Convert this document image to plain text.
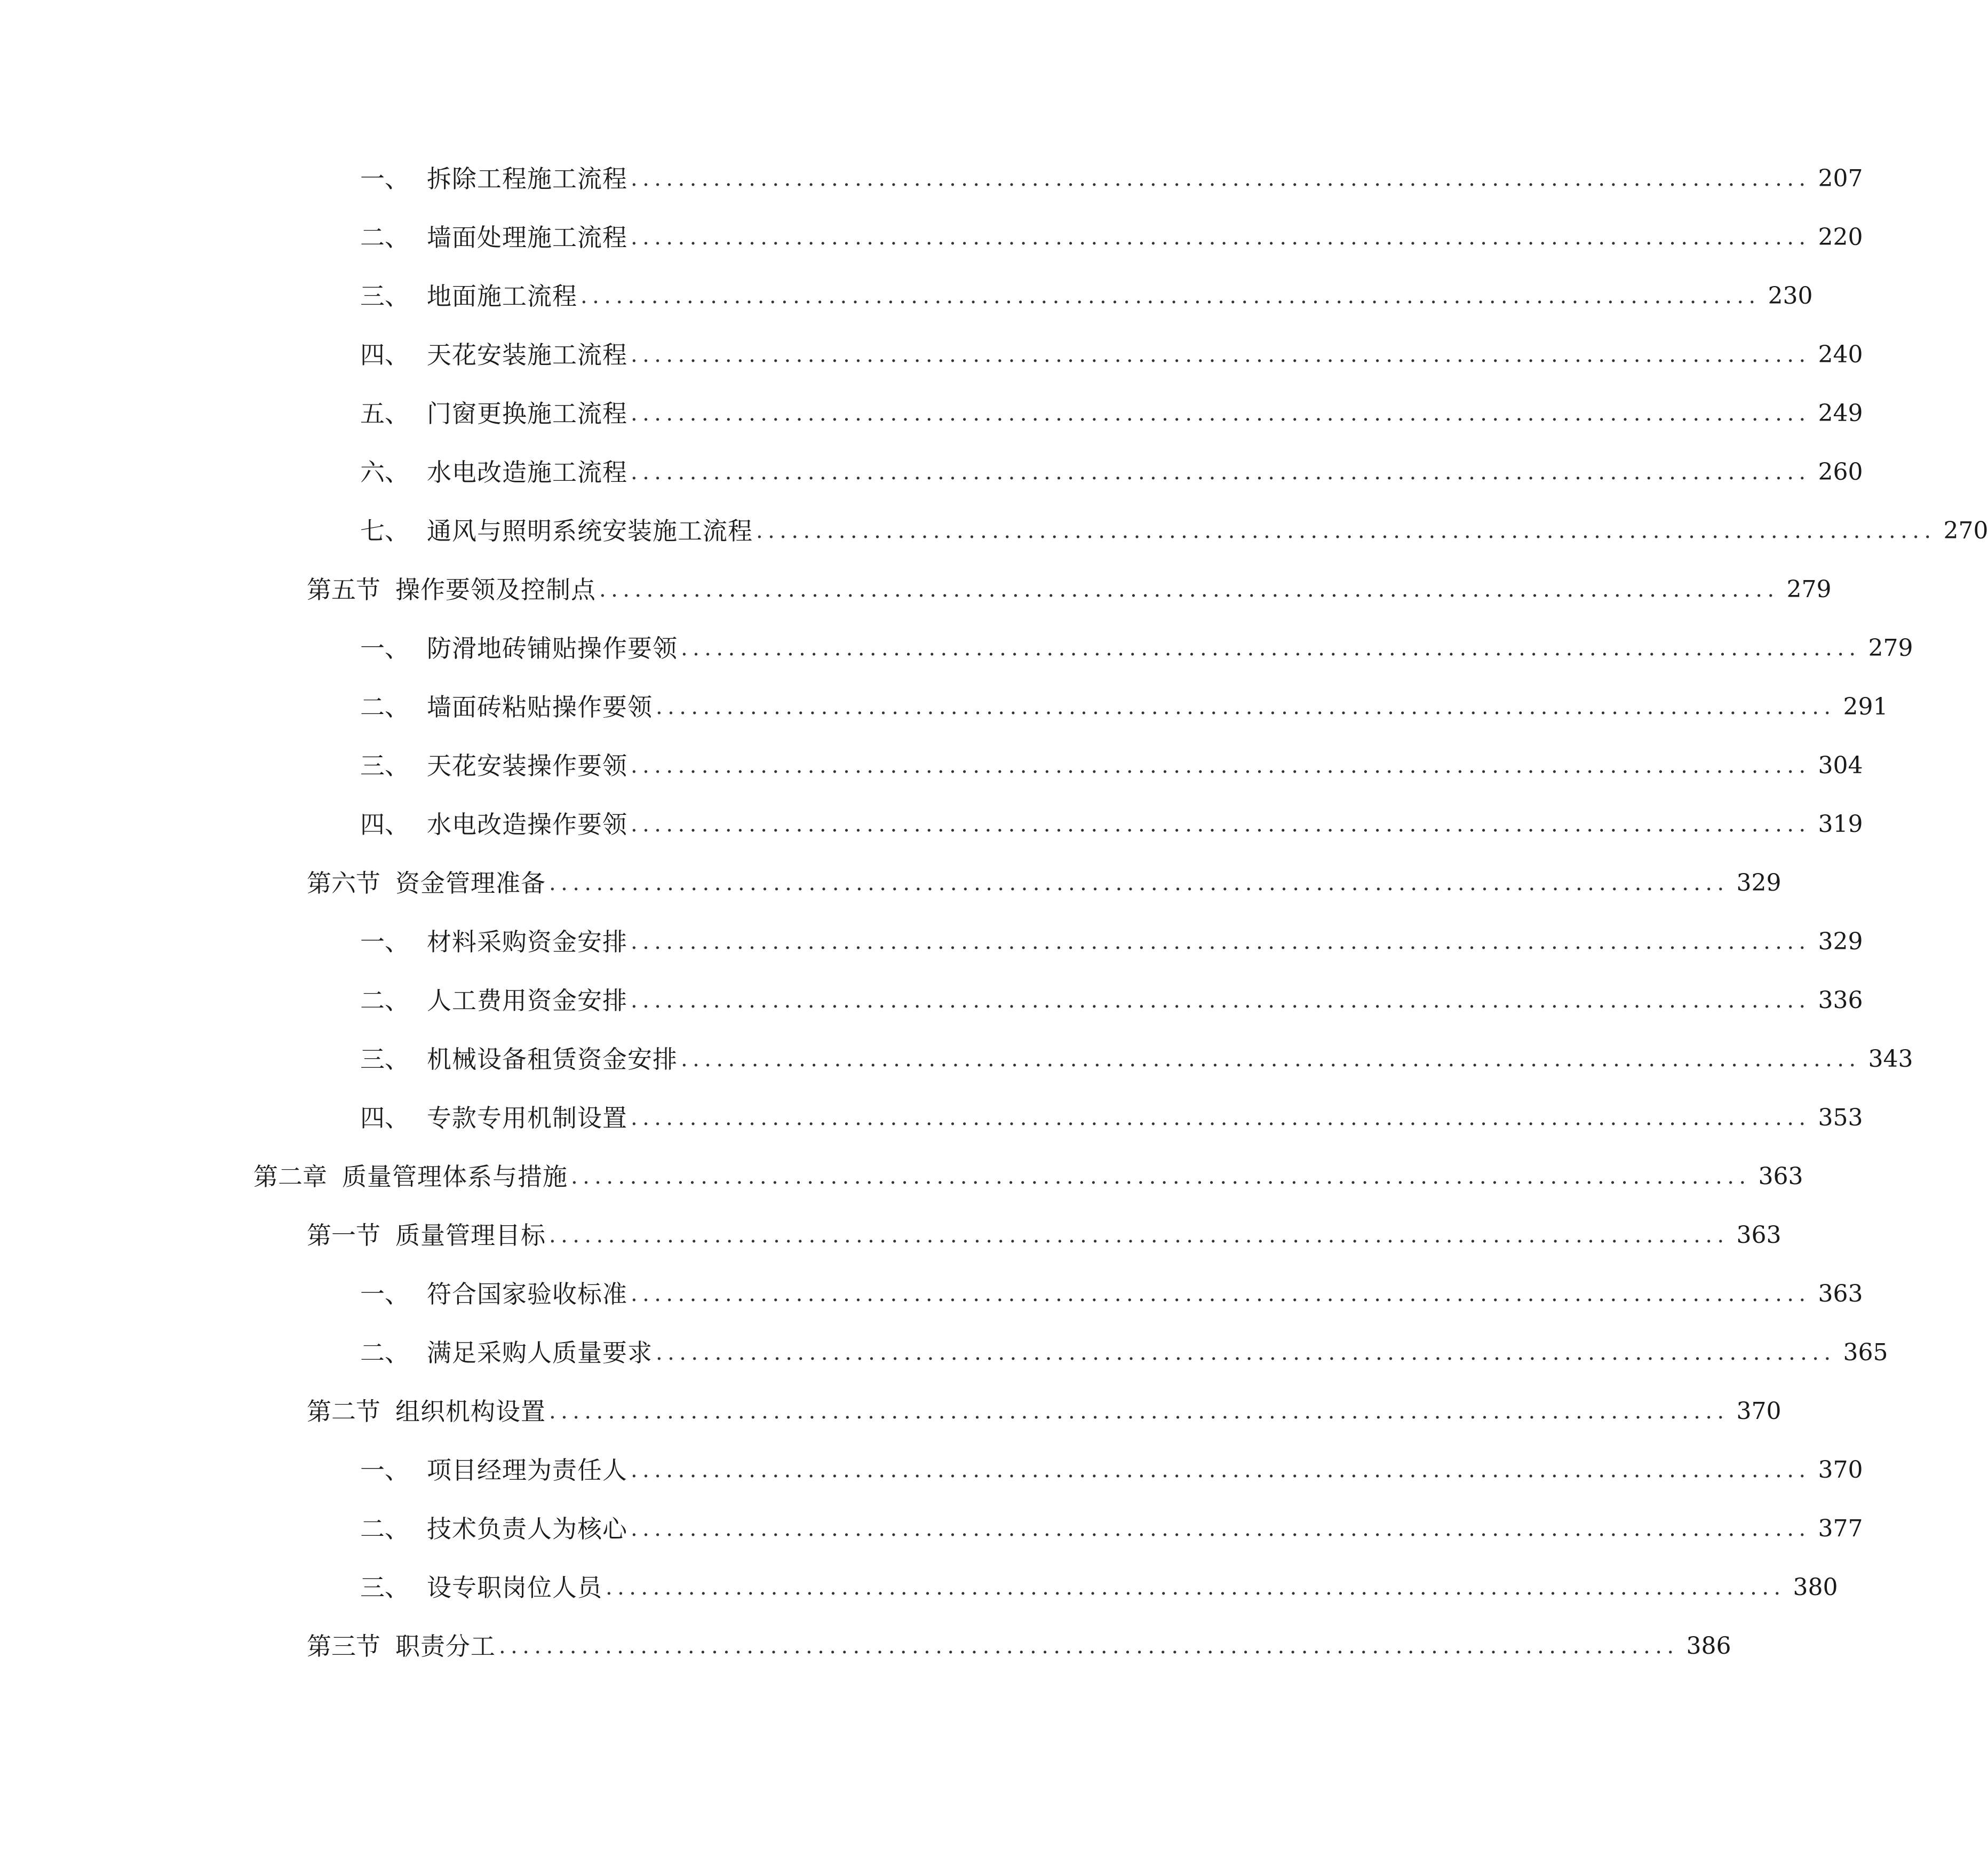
一、 拆除工程施工流程 .................................................................................................... 207
二、 墙面处理施工流程 .................................................................................................... 220
三、 地面施工流程 .................................................................................................... 230
四、 天花安装施工流程 .................................................................................................... 240
五、 门窗更换施工流程 .................................................................................................... 249
六、 水电改造施工流程 .................................................................................................... 260
七、 通风与照明系统安装施工流程 .................................................................................................... 270
第五节 操作要领及控制点 .................................................................................................... 279
一、 防滑地砖铺贴操作要领 .................................................................................................... 279
二、 墙面砖粘贴操作要领 .................................................................................................... 291
三、 天花安装操作要领 .................................................................................................... 304
四、 水电改造操作要领 .................................................................................................... 319
第六节 资金管理准备 .................................................................................................... 329
一、 材料采购资金安排 .................................................................................................... 329
二、 人工费用资金安排 .................................................................................................... 336
三、 机械设备租赁资金安排 .................................................................................................... 343
四、 专款专用机制设置 .................................................................................................... 353
第二章 质量管理体系与措施 .................................................................................................... 363
第一节 质量管理目标 .................................................................................................... 363
一、 符合国家验收标准 .................................................................................................... 363
二、 满足采购人质量要求 .................................................................................................... 365
第二节 组织机构设置 .................................................................................................... 370
一、 项目经理为责任人 .................................................................................................... 370
二、 技术负责人为核心 .................................................................................................... 377
三、 设专职岗位人员 .................................................................................................... 380
第三节 职责分工 .................................................................................................... 386
